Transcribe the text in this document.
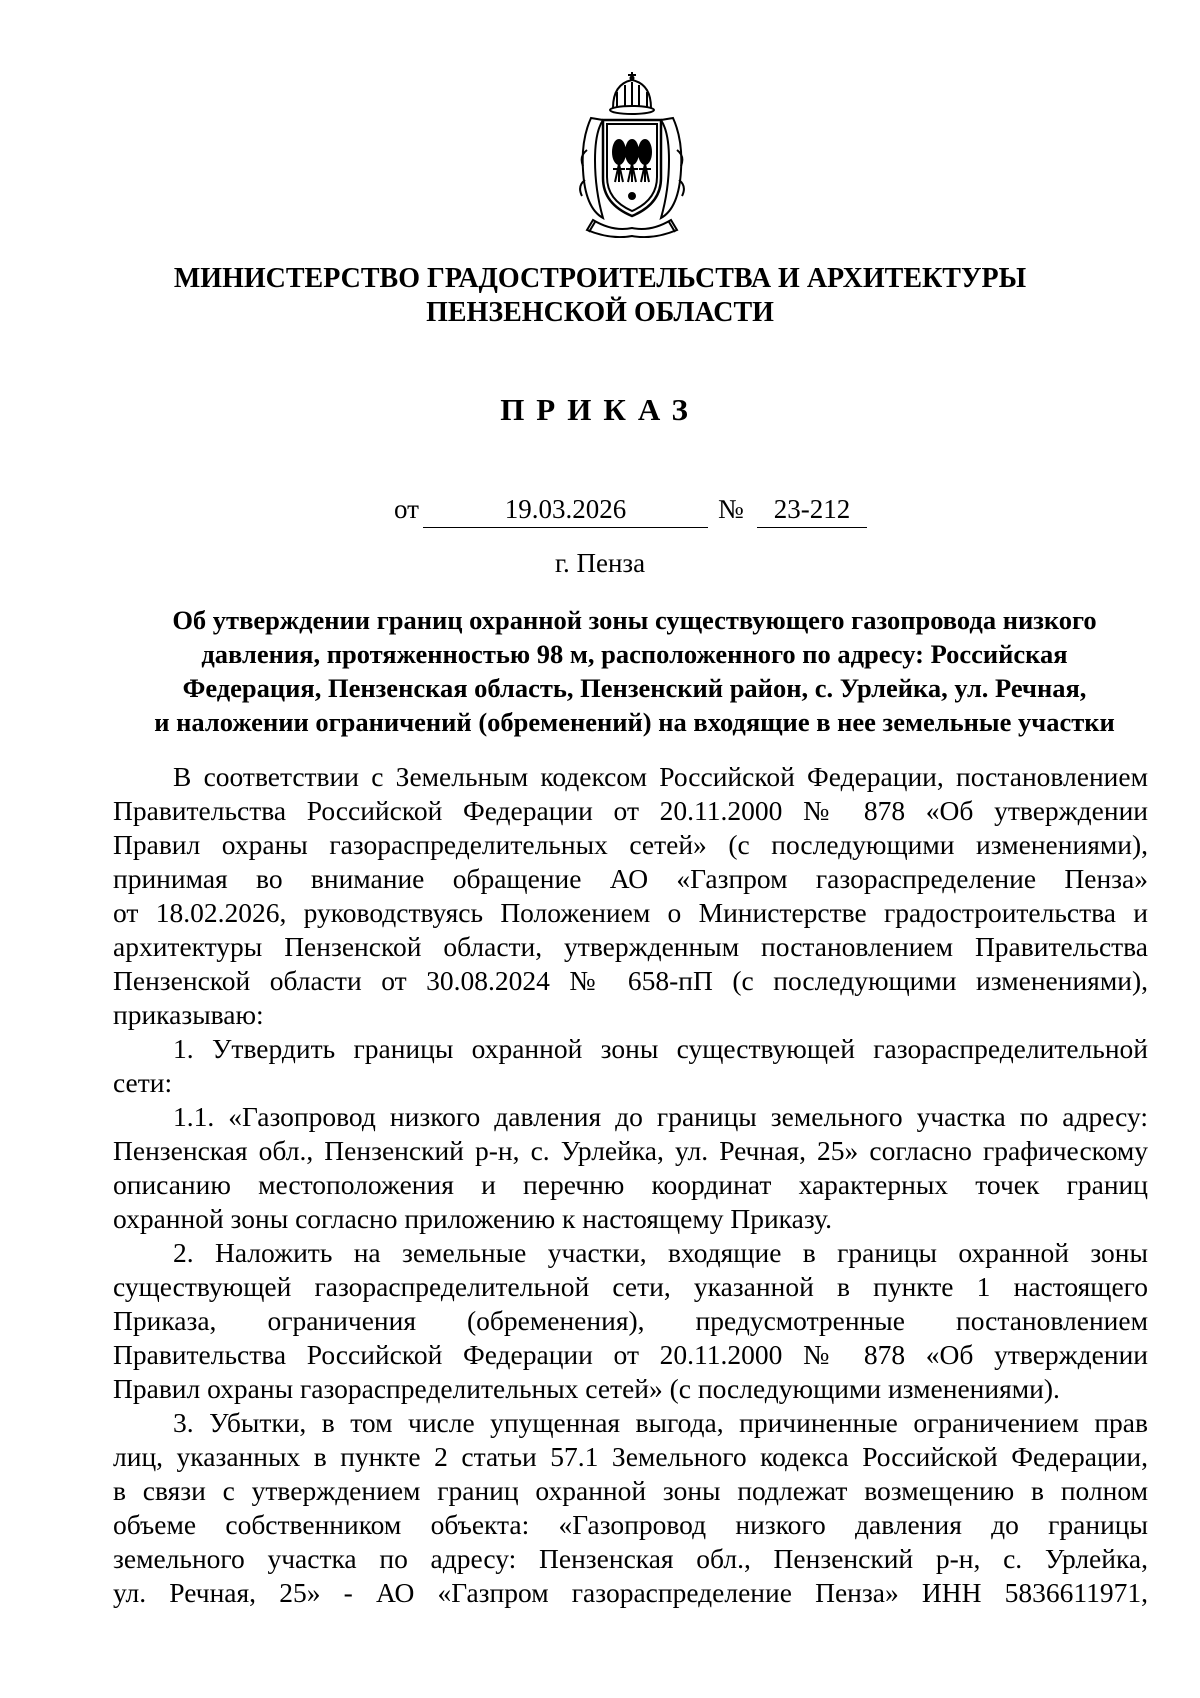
МИНИСТЕРСТВО ГРАДОСТРОИТЕЛЬСТВА И АРХИТЕКТУРЫ
ПЕНЗЕНСКОЙ ОБЛАСТИ
ПРИКАЗ
от	19.03.2026	№	23-212
г. Пенза
Об утверждении границ охранной зоны существующего газопровода низкого
давления, протяженностью 98 м, расположенного по адресу: Российская
Федерация, Пензенская область, Пензенский район, с. Урлейка, ул. Речная,
и наложении ограничений (обременений) на входящие в нее земельные участки
В соответствии с Земельным кодексом Российской Федерации, постановлением
Правительства Российской Федерации от 20.11.2000 № 878 «Об утверждении
Правил охраны газораспределительных сетей» (с последующими изменениями),
принимая во внимание обращение АО «Газпром газораспределение Пенза»
от 18.02.2026, руководствуясь Положением о Министерстве градостроительства и
архитектуры Пензенской области, утвержденным постановлением Правительства
Пензенской области от 30.08.2024 № 658-пП (с последующими изменениями),
приказываю:
1. Утвердить границы охранной зоны существующей газораспределительной
сети:
1.1. «Газопровод низкого давления до границы земельного участка по адресу:
Пензенская обл., Пензенский р-н, с. Урлейка, ул. Речная, 25» согласно графическому
описанию местоположения и перечню координат характерных точек границ
охранной зоны согласно приложению к настоящему Приказу.
2. Наложить на земельные участки, входящие в границы охранной зоны
существующей газораспределительной сети, указанной в пункте 1 настоящего
Приказа, ограничения (обременения), предусмотренные постановлением
Правительства Российской Федерации от 20.11.2000 № 878 «Об утверждении
Правил охраны газораспределительных сетей» (с последующими изменениями).
3. Убытки, в том числе упущенная выгода, причиненные ограничением прав
лиц, указанных в пункте 2 статьи 57.1 Земельного кодекса Российской Федерации,
в связи с утверждением границ охранной зоны подлежат возмещению в полном
объеме собственником объекта: «Газопровод низкого давления до границы
земельного участка по адресу: Пензенская обл., Пензенский р-н, с. Урлейка,
ул. Речная, 25» - АО «Газпром газораспределение Пенза» ИНН 5836611971,
